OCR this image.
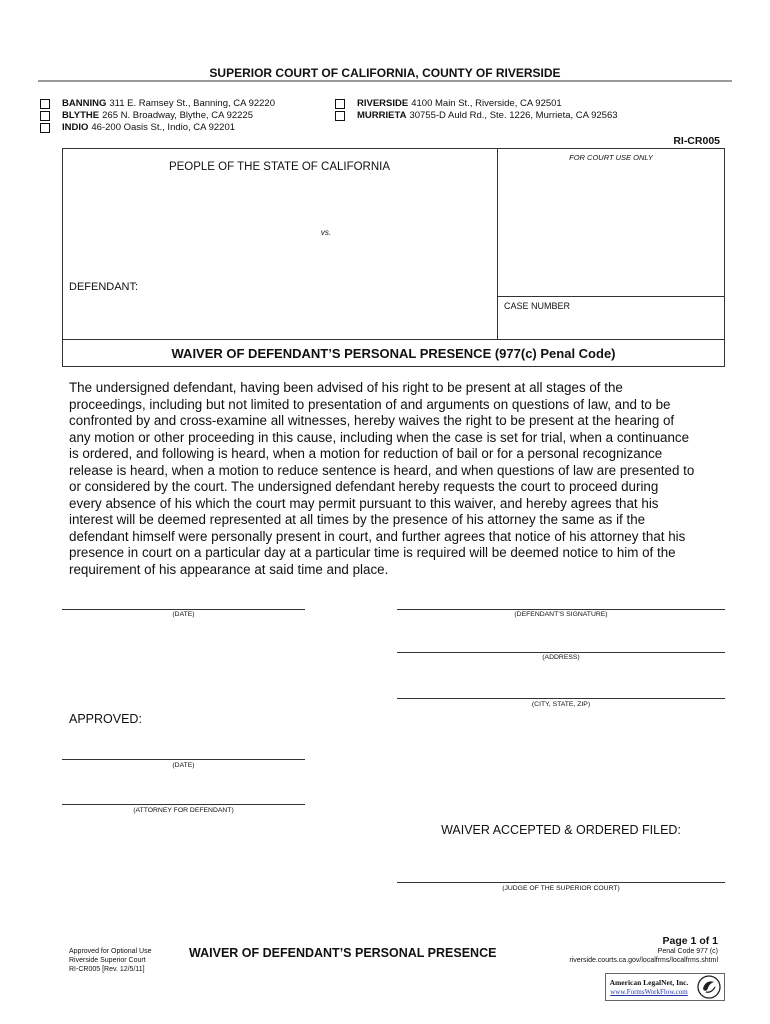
SUPERIOR COURT OF CALIFORNIA, COUNTY OF RIVERSIDE
BANNING 311 E. Ramsey St., Banning, CA 92220
BLYTHE 265 N. Broadway, Blythe, CA 92225
INDIO 46-200 Oasis St., Indio, CA 92201
RIVERSIDE 4100 Main St., Riverside, CA 92501
MURRIETA 30755-D Auld Rd., Ste. 1226, Murrieta, CA 92563
RI-CR005
PEOPLE OF THE STATE OF CALIFORNIA
vs.
DEFENDANT:
FOR COURT USE ONLY
CASE NUMBER
WAIVER OF DEFENDANT’S PERSONAL PRESENCE (977(c) Penal Code)
The undersigned defendant, having been advised of his right to be present at all stages of the
proceedings, including but not limited to presentation of and arguments on questions of law, and to be
confronted by and cross-examine all witnesses, hereby waives the right to be present at the hearing of
any motion or other proceeding in this cause, including when the case is set for trial, when a continuance
is ordered, and following is heard, when a motion for reduction of bail or for a personal recognizance
release is heard, when a motion to reduce sentence is heard, and when questions of law are presented to
or considered by the court. The undersigned defendant hereby requests the court to proceed during
every absence of his which the court may permit pursuant to this waiver, and hereby agrees that his
interest will be deemed represented at all times by the presence of his attorney the same as if the
defendant himself were personally present in court, and further agrees that notice of his attorney that his
presence in court on a particular day at a particular time is required will be deemed notice to him of the
requirement of his appearance at said time and place.
(DATE)	(DEFENDANT’S SIGNATURE)
(ADDRESS)
(CITY, STATE, ZIP)
APPROVED:
(DATE)
(ATTORNEY FOR DEFENDANT)
WAIVER ACCEPTED & ORDERED FILED:
(JUDGE OF THE SUPERIOR COURT)
Approved for Optional Use
Riverside Superior Court
RI-CR005 [Rev. 12/5/11]
WAIVER OF DEFENDANT’S PERSONAL PRESENCE
Page 1 of 1
Penal Code 977 (c)
riverside.courts.ca.gov/localfrms/localfrms.shtml
American LegalNet, Inc.
www.FormsWorkFlow.com
